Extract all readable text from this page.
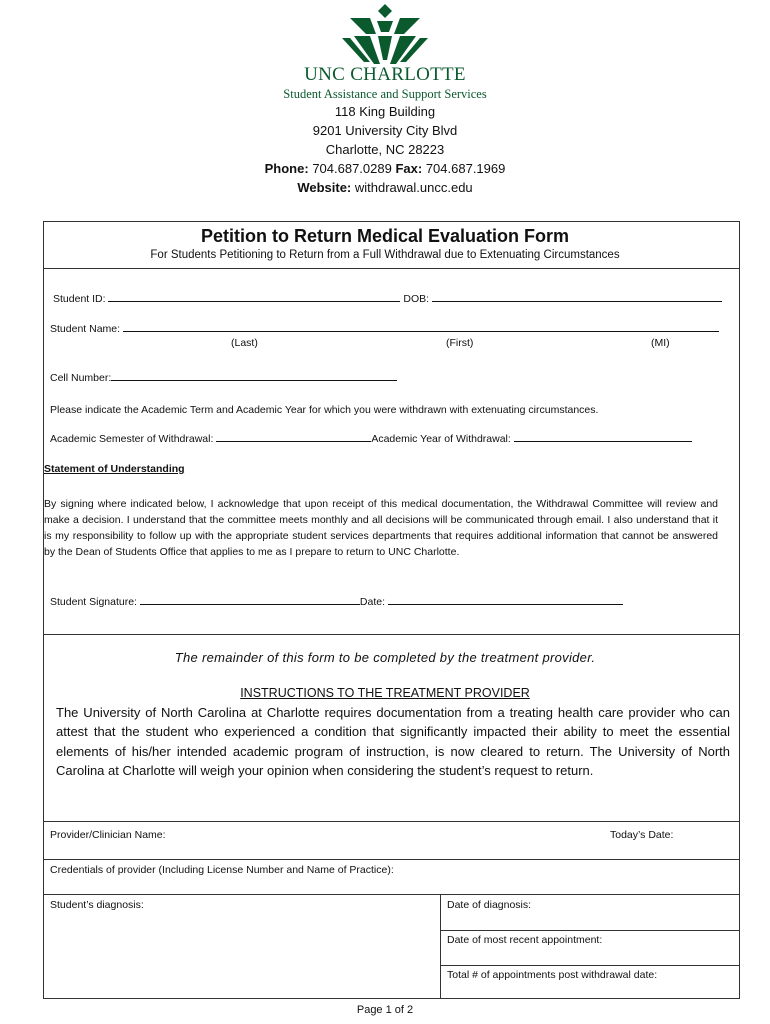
UNC CHARLOTTE
Student Assistance and Support Services
118 King Building
9201 University City Blvd
Charlotte, NC 28223
Phone: 704.687.0289 Fax: 704.687.1969
Website: withdrawal.uncc.edu
Petition to Return Medical Evaluation Form
For Students Petitioning to Return from a Full Withdrawal due to Extenuating Circumstances
Student ID:	DOB:
Student Name:
(Last)	(First)	(MI)
Cell Number:
Please indicate the Academic Term and Academic Year for which you were withdrawn with extenuating circumstances.
Academic Semester of Withdrawal:	Academic Year of Withdrawal:
Statement of Understanding
By signing where indicated below, I acknowledge that upon receipt of this medical documentation, the Withdrawal Committee will review and make a decision. I understand that the committee meets monthly and all decisions will be communicated through email. I also understand that it is my responsibility to follow up with the appropriate student services departments that requires additional information that cannot be answered by the Dean of Students Office that applies to me as I prepare to return to UNC Charlotte.
Student Signature:	Date:
The remainder of this form to be completed by the treatment provider.
INSTRUCTIONS TO THE TREATMENT PROVIDER
The University of North Carolina at Charlotte requires documentation from a treating health care provider who can attest that the student who experienced a condition that significantly impacted their ability to meet the essential elements of his/her intended academic program of instruction, is now cleared to return. The University of North Carolina at Charlotte will weigh your opinion when considering the student’s request to return.
Provider/Clinician Name:	Today’s Date:
Credentials of provider (Including License Number and Name of Practice):
Student’s diagnosis:	Date of diagnosis:
Date of most recent appointment:
Total # of appointments post withdrawal date:
Page 1 of 2
